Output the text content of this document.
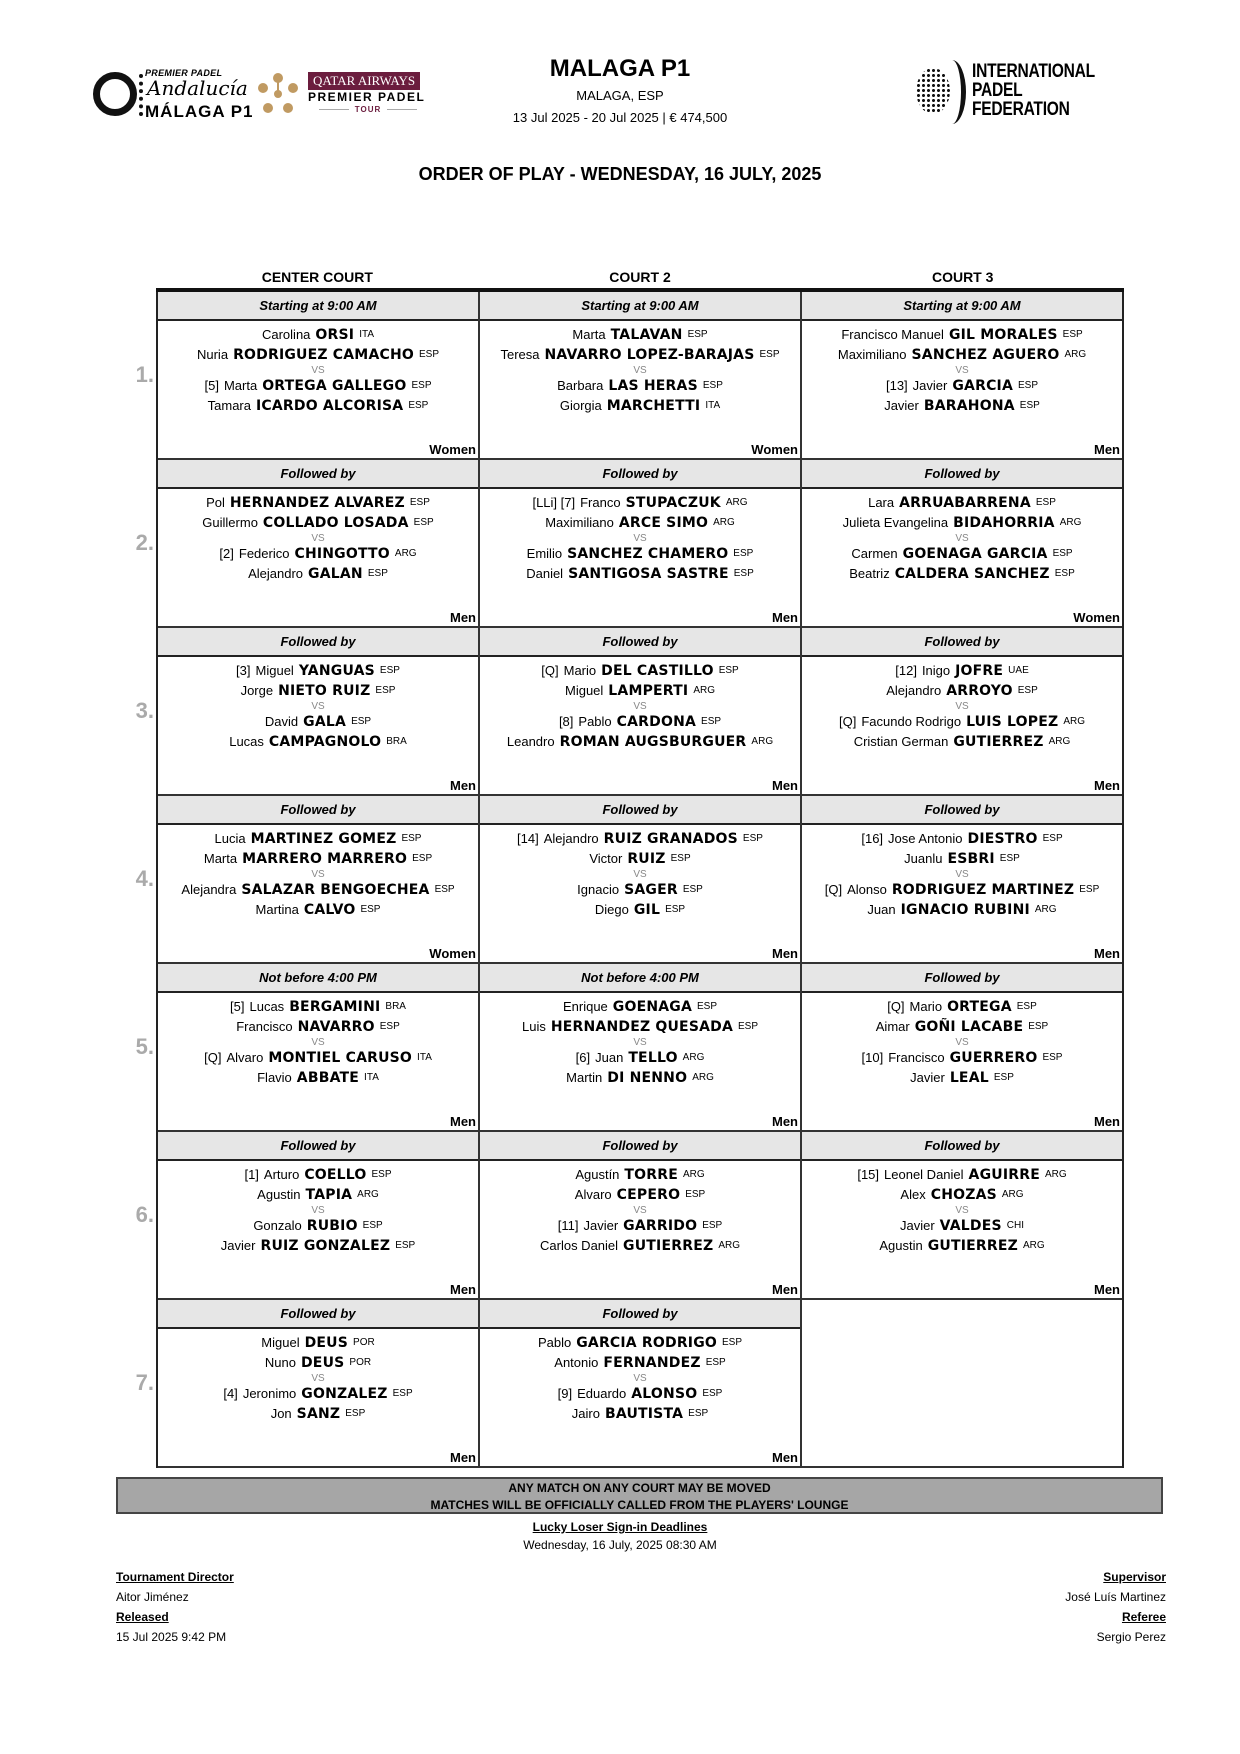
PREMIER PADEL
Andalucía
MÁLAGA P1
QATAR AIRWAYS
PREMIER PADEL
TOUR
MALAGA P1
MALAGA, ESP
13 Jul 2025 - 20 Jul 2025 | € 474,500
INTERNATIONAL
PADEL
FEDERATION
ORDER OF PLAY - WEDNESDAY, 16 JULY, 2025
CENTER COURT	COURT 2	COURT 3
1.
Starting at 9:00 AM
Carolina ORSI ITA
Nuria RODRIGUEZ CAMACHO ESP
VS
[5] Marta ORTEGA GALLEGO ESP
Tamara ICARDO ALCORISA ESP
Women
Starting at 9:00 AM
Marta TALAVAN ESP
Teresa NAVARRO LOPEZ-BARAJAS ESP
VS
Barbara LAS HERAS ESP
Giorgia MARCHETTI ITA
Women
Starting at 9:00 AM
Francisco Manuel GIL MORALES ESP
Maximiliano SANCHEZ AGUERO ARG
VS
[13] Javier GARCIA ESP
Javier BARAHONA ESP
Men
2.
Followed by
Pol HERNANDEZ ALVAREZ ESP
Guillermo COLLADO LOSADA ESP
VS
[2] Federico CHINGOTTO ARG
Alejandro GALAN ESP
Men
Followed by
[LLi] [7] Franco STUPACZUK ARG
Maximiliano ARCE SIMO ARG
VS
Emilio SANCHEZ CHAMERO ESP
Daniel SANTIGOSA SASTRE ESP
Men
Followed by
Lara ARRUABARRENA ESP
Julieta Evangelina BIDAHORRIA ARG
VS
Carmen GOENAGA GARCIA ESP
Beatriz CALDERA SANCHEZ ESP
Women
3.
Followed by
[3] Miguel YANGUAS ESP
Jorge NIETO RUIZ ESP
VS
David GALA ESP
Lucas CAMPAGNOLO BRA
Men
Followed by
[Q] Mario DEL CASTILLO ESP
Miguel LAMPERTI ARG
VS
[8] Pablo CARDONA ESP
Leandro ROMAN AUGSBURGUER ARG
Men
Followed by
[12] Inigo JOFRE UAE
Alejandro ARROYO ESP
VS
[Q] Facundo Rodrigo LUIS LOPEZ ARG
Cristian German GUTIERREZ ARG
Men
4.
Followed by
Lucia MARTINEZ GOMEZ ESP
Marta MARRERO MARRERO ESP
VS
Alejandra SALAZAR BENGOECHEA ESP
Martina CALVO ESP
Women
Followed by
[14] Alejandro RUIZ GRANADOS ESP
Victor RUIZ ESP
VS
Ignacio SAGER ESP
Diego GIL ESP
Men
Followed by
[16] Jose Antonio DIESTRO ESP
Juanlu ESBRI ESP
VS
[Q] Alonso RODRIGUEZ MARTINEZ ESP
Juan IGNACIO RUBINI ARG
Men
5.
Not before 4:00 PM
[5] Lucas BERGAMINI BRA
Francisco NAVARRO ESP
VS
[Q] Alvaro MONTIEL CARUSO ITA
Flavio ABBATE ITA
Men
Not before 4:00 PM
Enrique GOENAGA ESP
Luis HERNANDEZ QUESADA ESP
VS
[6] Juan TELLO ARG
Martin DI NENNO ARG
Men
Followed by
[Q] Mario ORTEGA ESP
Aimar GOÑI LACABE ESP
VS
[10] Francisco GUERRERO ESP
Javier LEAL ESP
Men
6.
Followed by
[1] Arturo COELLO ESP
Agustin TAPIA ARG
VS
Gonzalo RUBIO ESP
Javier RUIZ GONZALEZ ESP
Men
Followed by
Agustín TORRE ARG
Alvaro CEPERO ESP
VS
[11] Javier GARRIDO ESP
Carlos Daniel GUTIERREZ ARG
Men
Followed by
[15] Leonel Daniel AGUIRRE ARG
Alex CHOZAS ARG
VS
Javier VALDES CHI
Agustin GUTIERREZ ARG
Men
7.
Followed by
Miguel DEUS POR
Nuno DEUS POR
VS
[4] Jeronimo GONZALEZ ESP
Jon SANZ ESP
Men
Followed by
Pablo GARCIA RODRIGO ESP
Antonio FERNANDEZ ESP
VS
[9] Eduardo ALONSO ESP
Jairo BAUTISTA ESP
Men
ANY MATCH ON ANY COURT MAY BE MOVED
MATCHES WILL BE OFFICIALLY CALLED FROM THE PLAYERS' LOUNGE
Lucky Loser Sign-in Deadlines
Wednesday, 16 July, 2025 08:30 AM
Tournament Director
Aitor Jiménez
Released
15 Jul 2025 9:42 PM
Supervisor
José Luís Martinez
Referee
Sergio Perez
